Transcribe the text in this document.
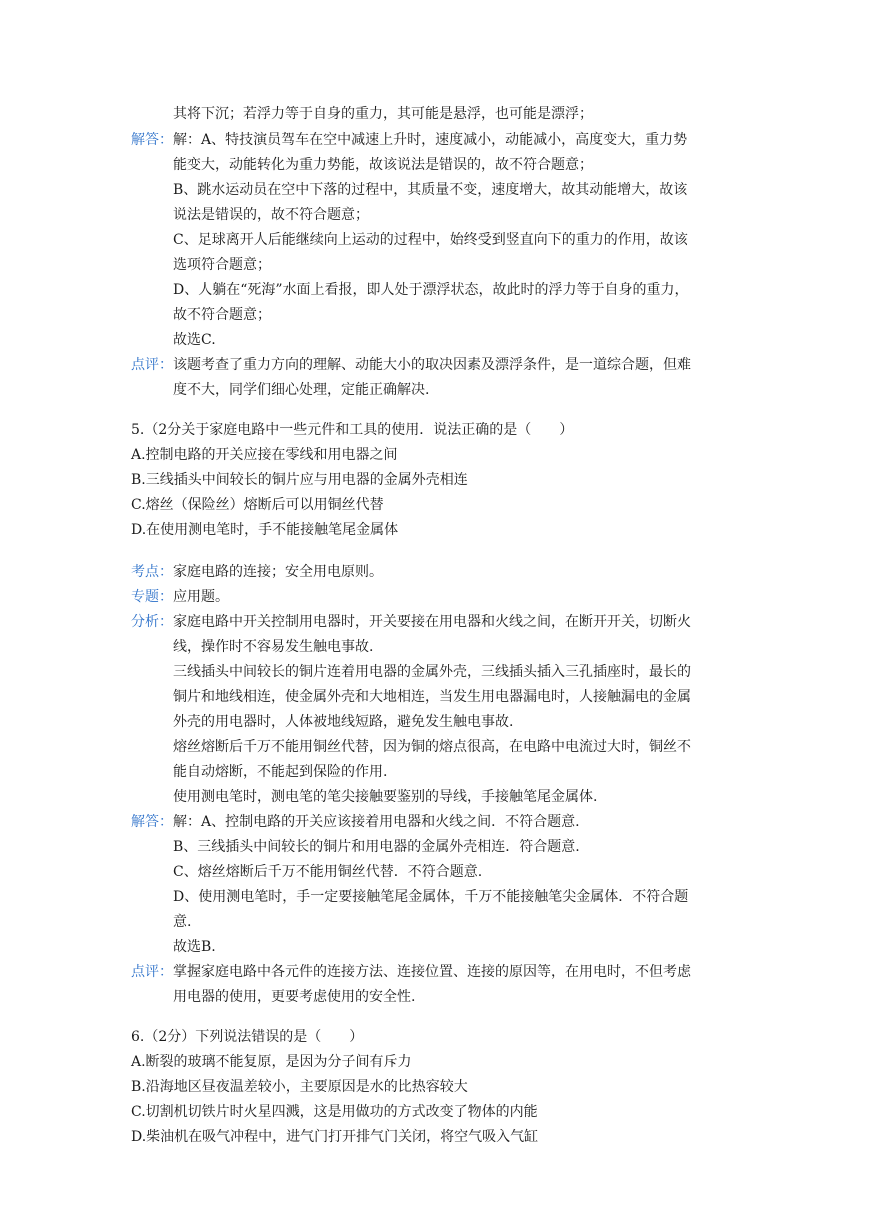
其将下沉；若浮力等于自身的重力，其可能是悬浮，也可能是漂浮；
解答： 解：A、特技演员驾车在空中减速上升时，速度减小，动能减小，高度变大，重力势
能变大，动能转化为重力势能，故该说法是错误的，故不符合题意；
B、跳水运动员在空中下落的过程中，其质量不变，速度增大，故其动能增大，故该
说法是错误的，故不符合题意；
C、足球离开人后能继续向上运动的过程中，始终受到竖直向下的重力的作用，故该
选项符合题意；
D、人躺在“死海”水面上看报，即人处于漂浮状态，故此时的浮力等于自身的重力，
故不符合题意；
故选C.
点评： 该题考查了重力方向的理解、动能大小的取决因素及漂浮条件，是一道综合题，但难
度不大，同学们细心处理，定能正确解决.
5.（2分关于家庭电路中一些元件和工具的使用．说法正确的是（　　）
A.控制电路的开关应接在零线和用电器之间
B.三线插头中间较长的铜片应与用电器的金属外壳相连
C.熔丝（保险丝）熔断后可以用铜丝代替
D.在使用测电笔时，手不能接触笔尾金属体
考点： 家庭电路的连接；安全用电原则。
专题： 应用题。
分析： 家庭电路中开关控制用电器时，开关要接在用电器和火线之间，在断开开关，切断火
线，操作时不容易发生触电事故.
三线插头中间较长的铜片连着用电器的金属外壳，三线插头插入三孔插座时，最长的
铜片和地线相连，使金属外壳和大地相连，当发生用电器漏电时，人接触漏电的金属
外壳的用电器时，人体被地线短路，避免发生触电事故.
熔丝熔断后千万不能用铜丝代替，因为铜的熔点很高，在电路中电流过大时，铜丝不
能自动熔断，不能起到保险的作用.
使用测电笔时，测电笔的笔尖接触要鉴别的导线，手接触笔尾金属体.
解答： 解：A、控制电路的开关应该接着用电器和火线之间．不符合题意.
B、三线插头中间较长的铜片和用电器的金属外壳相连．符合题意.
C、熔丝熔断后千万不能用铜丝代替．不符合题意.
D、使用测电笔时，手一定要接触笔尾金属体，千万不能接触笔尖金属体．不符合题
意.
故选B.
点评： 掌握家庭电路中各元件的连接方法、连接位置、连接的原因等，在用电时，不但考虑
用电器的使用，更要考虑使用的安全性.
6.（2分）下列说法错误的是（　　）
A.断裂的玻璃不能复原，是因为分子间有斥力
B.沿海地区昼夜温差较小，主要原因是水的比热容较大
C.切割机切铁片时火星四溅，这是用做功的方式改变了物体的内能
D.柴油机在吸气冲程中，进气门打开排气门关闭，将空气吸入气缸
